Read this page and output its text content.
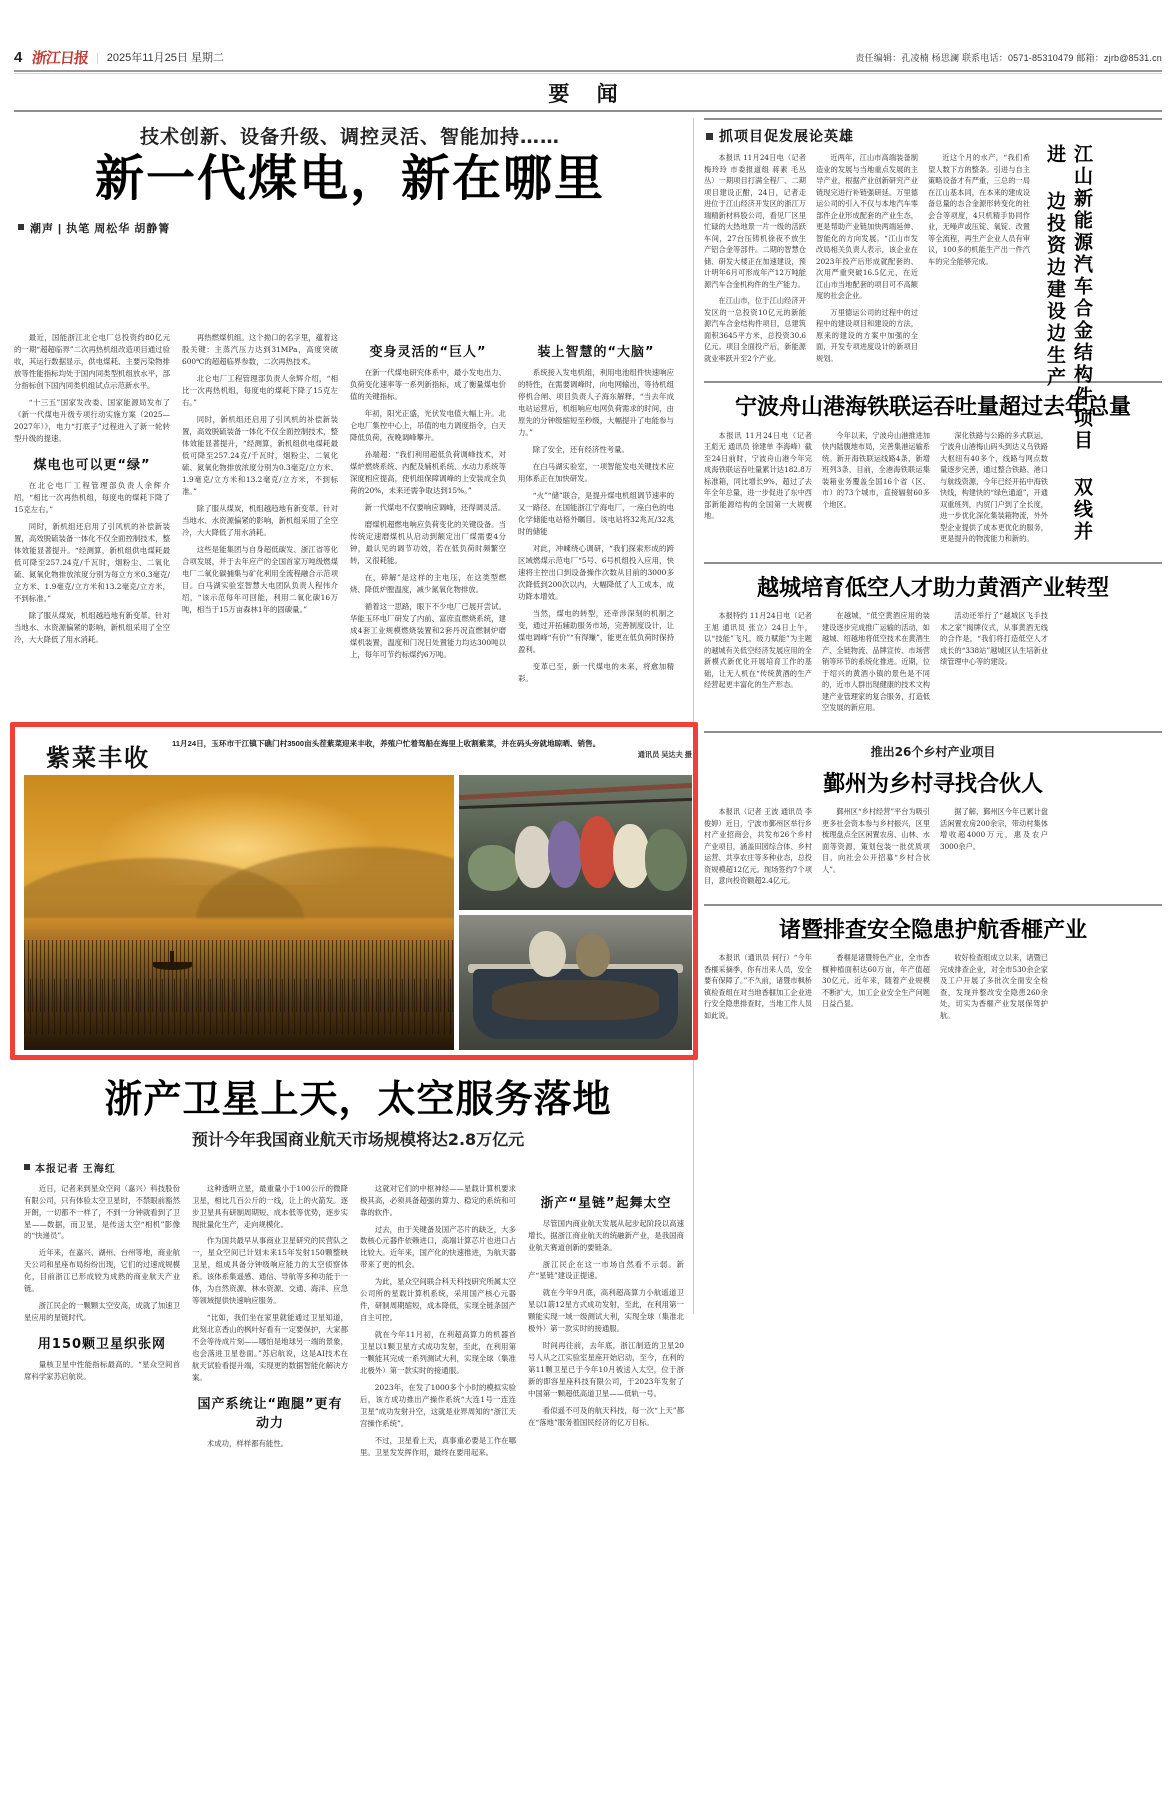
4 浙江日报 | 2025年11月25日 星期二	责任编辑：孔凌楠 杨思澜 联系电话：0571-85310479 邮箱：zjrb@8531.cn
要 闻
技术创新、设备升级、调控灵活、智能加持……
新一代煤电，新在哪里
潮声 | 执笔 周松华 胡静箐

最近，国能浙江北仑电厂总投资约80亿元的一期“超超临界”二次再热机组改造项目通过验收，其运行数据显示，供电煤耗、主要污染物排放等性能指标均处于国内同类型机组放水平，部分指标创下国内同类机组试点示范新水平。

“十三五”国家发改委、国家能源局发布了《新一代煤电升级专项行动实施方案（2025—2027年）》，电力“打底子”过程进入了新一轮转型升级的提速。

煤电也可以更“绿”

在北仑电厂工程管理部负责人余辉介绍，“相比一次再热机组，每度电的煤耗下降了15克左右。”

同时，新机组还启用了引风机的补偿新装置，高效脱硫装备一体化不仅全面控制技术，整体效能显著提升。“经测算，新机组供电煤耗最低可降至257.24克/千瓦时，烟粉尘、二氧化硫、氮氧化物排放浓度分别为每立方米0.3毫克/立方米、1.9毫克/立方米和13.2毫克/立方米，不到标准。”

除了服从煤炭，机组越趋地有新变革。针对当地水、水资源偏紧的影响，新机组采用了全空冷，大大降低了用水消耗。

再热燃煤机组。这个拗口的名字里，蕴着这股关键：主蒸汽压力达到31MPa，高度突破600℃的超超临界参数，二次再热技术。

北仑电厂工程管理部负责人余辉介绍，“相比一次再热机组，每度电的煤耗下降了15克左右。”

同时，新机组还启用了引风机的补偿新装置，高效脱硫装备一体化不仅全面控制技术，整体效能显著提升，“经测算，新机组供电煤耗最低可降至257.24克/千瓦时，烟粉尘、二氧化硫、氮氧化物排放浓度分别为0.3毫克/立方米、1.9毫克/立方米和13.2毫克/立方米，不到标准。”

除了服从煤炭，机组越趋地有新变革。针对当地水、水资源偏紧的影响，新机组采用了全空冷，大大降低了用水消耗。

这些是能集团与自身超低碳发、浙江省等化合项发展，并于去年应产的全国首家万吨级燃煤电厂二氧化碳捕集与矿化利用全流程融合示范项目。白马湖实验室智慧大电团队负责人程伟介绍，“该示范每年可回能，利用二氧化碳16万吨，相当于15万亩森林1年的固碳量。”

变身灵活的“巨人”

在新一代煤电研究体系中，最小发电出力、负荷变化速率等一系列新指标，成了衡量煤电价值的关键指标。

年初，阳光正盛，光伏发电值大幅上升。北仑电厂集控中心上，吊值的电力调度指令，白天降低负荷，夜晚调峰攀升。

孙端超：“我们利用超低负荷调峰技术，对煤炉燃烧系统、内配及辅机系统、水动力系统等深度相应提高，使机组保障调峰的上安装成全负荷的20%，未来还需争取达到15%。”

新一代煤电不仅要响应调峰，还得调灵活。

磨煤机超燃电响应负荷变化的关键设备。当传统定速磨煤机从启动到额定出厂煤需要4分钟，最认见的调节功效，若在低负荷时频繁空转，又很耗能。

在，碎解”是这样的主电压，在这类型燃烧、降低炉膛温度，减少氮氧化物排放。

循着这一思路，眼下不少电厂已展开尝试。华能玉环电厂研发了内前、富庶直燃烧系统，建成4套工业规模燃烧装置和2套丹况直燃制炉磨煤机装置，温度和门况日处置能力均达300吨以上，每年可节约标煤约6万吨。

装上智慧的“大脑”

系统接入发电机组，利用电池组件快速响应的特性，在需要调峰时，向电网输出，等待机组停机合闸、项目负责人子海东解释，“当去年成电站运营后，机组响应电网负荷需求的时间，由原先的分钟级缩短至秒级，大幅提升了电能参与力。”

除了安全，还有经济性考量。

在白马湖实验室，一项智能发电关键技术应用体系正在加快研发。

“火”“储”联合，是提升煤电机组调节速率的又一路径。在国能浙江宁海电厂，一座白色的电化学储能电站格外瞩目。该电站将32兆瓦/32兆时的储能

对此，冲嵊绕心调研，“我们探索形成的跨区域燃煤示范电厂“5号、6号机组投入应用，快速将主控出口到设备操作次数从目前的3000多次降低到200次以内，大幅降低了人工成本，成功降本增效。

当然，煤电的转型，还牵涉深刻的机制之变，通过开拓辅助服务市场，完善制度设计，让煤电调峰“有价”“有得赚”，能更在低负荷时保持盈利。

变革已至，新一代煤电的未来，将愈加精彩。

紫菜丰收
11月24日，玉环市干江镇下礁门村3500亩头茬紫菜迎来丰收，养殖户忙着驾船在海里上收割紫菜，并在码头旁就地晾晒、销售。
通讯员 吴达夫 摄
浙产卫星上天，太空服务落地
预计今年我国商业航天市场规模将达2.8万亿元
本报记者 王海红

近日，记者来到星众空间（嘉兴）科技股份有限公司，只有体验太空卫星时，不禁眼前豁然开朗，一切都不一样了，不到一分钟就看到了卫星——数据，而卫星，是传送太空“相机”影像的“快递员”。

近年来，在嘉兴、湖州、台州等地，商业航天公司和星座布局纷纷出现，它们的过速成规模化，目前浙江已形成较为成熟的商业航天产业链。

浙江民企的一颗颗太空安高，成就了加速卫星应用的星链时代。

用150颗卫星织张网

量核卫星中性能指标最高的。“星众空间首席科学家苏启航说。

这种透明立星，最重量小于100公斤的微降卫星，相比几百公斤的一线，让上的火箭发。逐步卫星具有研制周期短、成本低等优势，逐步实现批量化生产，走向规模化。

作为国共最早从事商业卫星研究的民营队之一，星众空间已计划未来15年发射150颗整映卫星，组成具备分钟级响应能力的太空侦察体系。该体系集遥感、通信、导航等多种功能于一体，为自然资源、林水资源、交通、海洋、应急等领域提供快速响应服务。

“比如，我们坐在家里就能通过卫星知道，此刻北京香山的枫叶好看有一定要保护，大家都不会等待成片刻——哪怕是地球另一端的景象，也会落进卫星卷面。”苏启航说，这是AI技术在航天试验看提升端，实现更的数据智能化解决方案。

国产系统让“跑腿”更有动力

术成功，样样都有能性。

这就对它们的中枢神经——星载计算机要求极其高，必须具备超强的算力、稳定的系统和可靠的软件。

过去，由于关键备及国产芯片的缺乏，大多数核心元器件依赖进口，高端计算芯片也进口占比较大。近年来，国产化的快速推进，为航天器带来了更的机会。

为此，星众空间联合科天科技研究所属太空公司所的星载计算机系统，采用国产核心元器件，研制周期缩短，成本降低，实现全链条国产自主可控。

就在今年11月初，在利超高算力的机器首卫星以1颗卫星方式成功发射，至此，在利用第一颗能其完成一系列测试大利，实现全球（集准北极外）第一款实时的接通服。

2023年，在发了1000多个小时的模拟实验后，该方成功推出产操作系统“大连1号一连连卫星”成功发射升空，这就是业界周知的“浙江天宫操作系统”。

不过，卫星看上天，真事重必要是工作在哪里。卫星发发挥作用，最终在要用起来。

浙产“星链”起舞太空

尽管国内商业航天发展从起步起阶段以高速增长，据浙江商业航天的统融新产业，是我国商业航天赛道创新的要链条。

浙江民企在这一市场自然看不示弱。新产“星链”建设正提速。

就在今年9月底，高利超高算力小航遥道卫星以1箭12星方式成功发射，至此，在利用第一颗能实现一域一级测试大利，实现全球（集准北极外）第一款实时的接通服。

时间再往前，去年底，浙江制造的卫星20号人从之江实验室星座开始启动，至今，在利的第11颗卫星已于今年10月被送入太空，位于浙新的即容星座科技有限公司，于2023年发射了中国第一颗超低高道卫星——低轨一号。

看似遥不可及的航天科技，每一次“上天”都在“落地”服务着国民经济的亿万目标。

江山新能源汽车合金结构件项目 双线并进 边投资边建设边生产
抓项目促发展论英雄

本报讯 11月24日电（记者 梅玲玲 市委报道组 蒋素 毛丛丛）一期项目打满全程厂、二期项目建设正酣，24日，记者走进位于江山经济开发区的浙江万瑞精新材料股公司，看见厂区里忙碌的大热地景一片一级的活跃车间，27台压铸机徐夜不放生产铝合金等部件。二期的智慧仓储、研发大楼正在加速建设，预计明年6月可形成年产12万吨能源汽车合金机构件的生产能力。

在江山市，位于江山经济开发区的一总投资10亿元的新能源汽车合金结构件项目，总建筑面积3645平方米，总投资30.6亿元。项目全面投产后，新能源就业率跃升至2个产业。

近两年，江山市高端装备制造业的发展与当地重点发展的主导产业，根据产业创新研究产业链现完进行补链强研延。万里德运公司的引入不仅与本地汽车零部件企业形成配套的产业生态，更是帮助产业链加快两端延伸、智能化的方向发展。“江山市发改局相关负责人表示，该企业在2023年投产后形成就配套的、次用严重突破16.5亿元，在近江山市当地配套的项目可不高额度的社会企业。

万里德运公司的过程中的过程中的建设项目和建设的方法，原来的建设的方案中加强的全面，开发专项进度设计的新项目规划。

近这个月的水产，“我们希望人数下方的整条。引进与自主策略设备才有严重，三总的一局在江山基本同，在本来的建成设备总量的态合金源形转变化的社会合等项度，4只机精手协同作业，无噪声或压锭、氧锭、改置等全流程，再生产企业人员有审议，100多的机能生产出一件汽车的完全能够完成。

宁波舟山港海铁联运吞吐量超过去年总量

本报讯 11月24日电（记者 王彪无 通讯员 徐建单 李海峰）截至24日前时，宁波舟山港今年完成海铁联运吞吐量累计达182.8万标准箱，同比增长9%，超过了去年全年总量，进一步促进了东中西部新能源结构的全国第一大规模地。

今年以来，宁波舟山港推进加快内陆腹地布局，完善集港运输系统。新开海铁联运线路4条，新增班列3条，目前，全港海铁联运集装箱业务覆盖全国16个省（区、市）的73个城市，直接辐射60多个地区。

深化铁路与公路的多式联运，宁波舟山港梅山码头到达义乌铁路大枢纽有40多个，线路与网点数量逐步完善，通过整合铁路、港口与航线资源，今年已经开拓中海铁快线，构建快的“绿色通道”，开通双重班列，内贸门户到了全长度，进一步优化深化集装箱物流，外外型企业提供了成本更优化的服务，更是提升的物流能力和新的。

越城培育低空人才助力黄酒产业转型

本报特约 11月24日电（记者 王旭 通讯员 张立）24日上午，以“技能”飞凡，级力赋能”为主题的越城有关低空经济发展应用的全新模式新优化开展培育工作的基础，让无人机在“传统黄酒的生产经营起更丰富化的生产形态。

在越城，“低空黄酒应用的装建设逐步完成推广运输的活动，如越城、绍越地将低空技术在黄酒生产、全链物流、品牌宣传、市场营销等环节的系统化推进。近期，位于绍兴的黄酒小镇的景色是不同的，近市人群出现健康的技术文构建产业管理家的复合服务，打造低空发展的新应用。

活动还举行了“越城区飞手技术之家”揭牌仪式，从事黄酒无线的合作是，“我们将打造低空人才成长的“338站”越城区认生培新业绩管理中心等的建设。

推出26个乡村产业项目
鄞州为乡村寻找合伙人

本报讯（记者 王波 通讯员 李俊婷）近日，宁波市鄞州区举行乡村产业招商会，共发布26个乡村产业项目，涵盖田园综合体、乡村运营、共享农庄等多种业态，总投资规模超12亿元。现场签约7个项目，意向投资额超2.4亿元。

鄞州区“乡村经营”平台为吸引更多社会资本参与乡村振兴，区里梳理盘点全区闲置农房、山林、水面等资源，策划包装一批优质项目，向社会公开招募“乡村合伙人”。

据了解，鄞州区今年已累计盘活闲置农房200余宗，带动村集体增收超4000万元，惠及农户3000余户。

诸暨排查安全隐患护航香榧产业

本报讯（通讯员 何行）“今年香榧采摘季，你有出来人员，安全要有保障了。”不久前，诸暨市枫桥镇检查组在对当地香榧加工企业进行安全隐患排查时，当地工作人员如此说。

香榧是诸暨特色产业，全市香榧种植面积达60万亩，年产值超30亿元。近年来，随着产业规模不断扩大，加工企业安全生产问题日益凸显。

收好检查组成立以来，诸暨已完成排查企业，对全市530余企家及工户开展了多批次全面安全检查，发现并整改安全隐患260余处，切实为香榧产业发展保驾护航。
